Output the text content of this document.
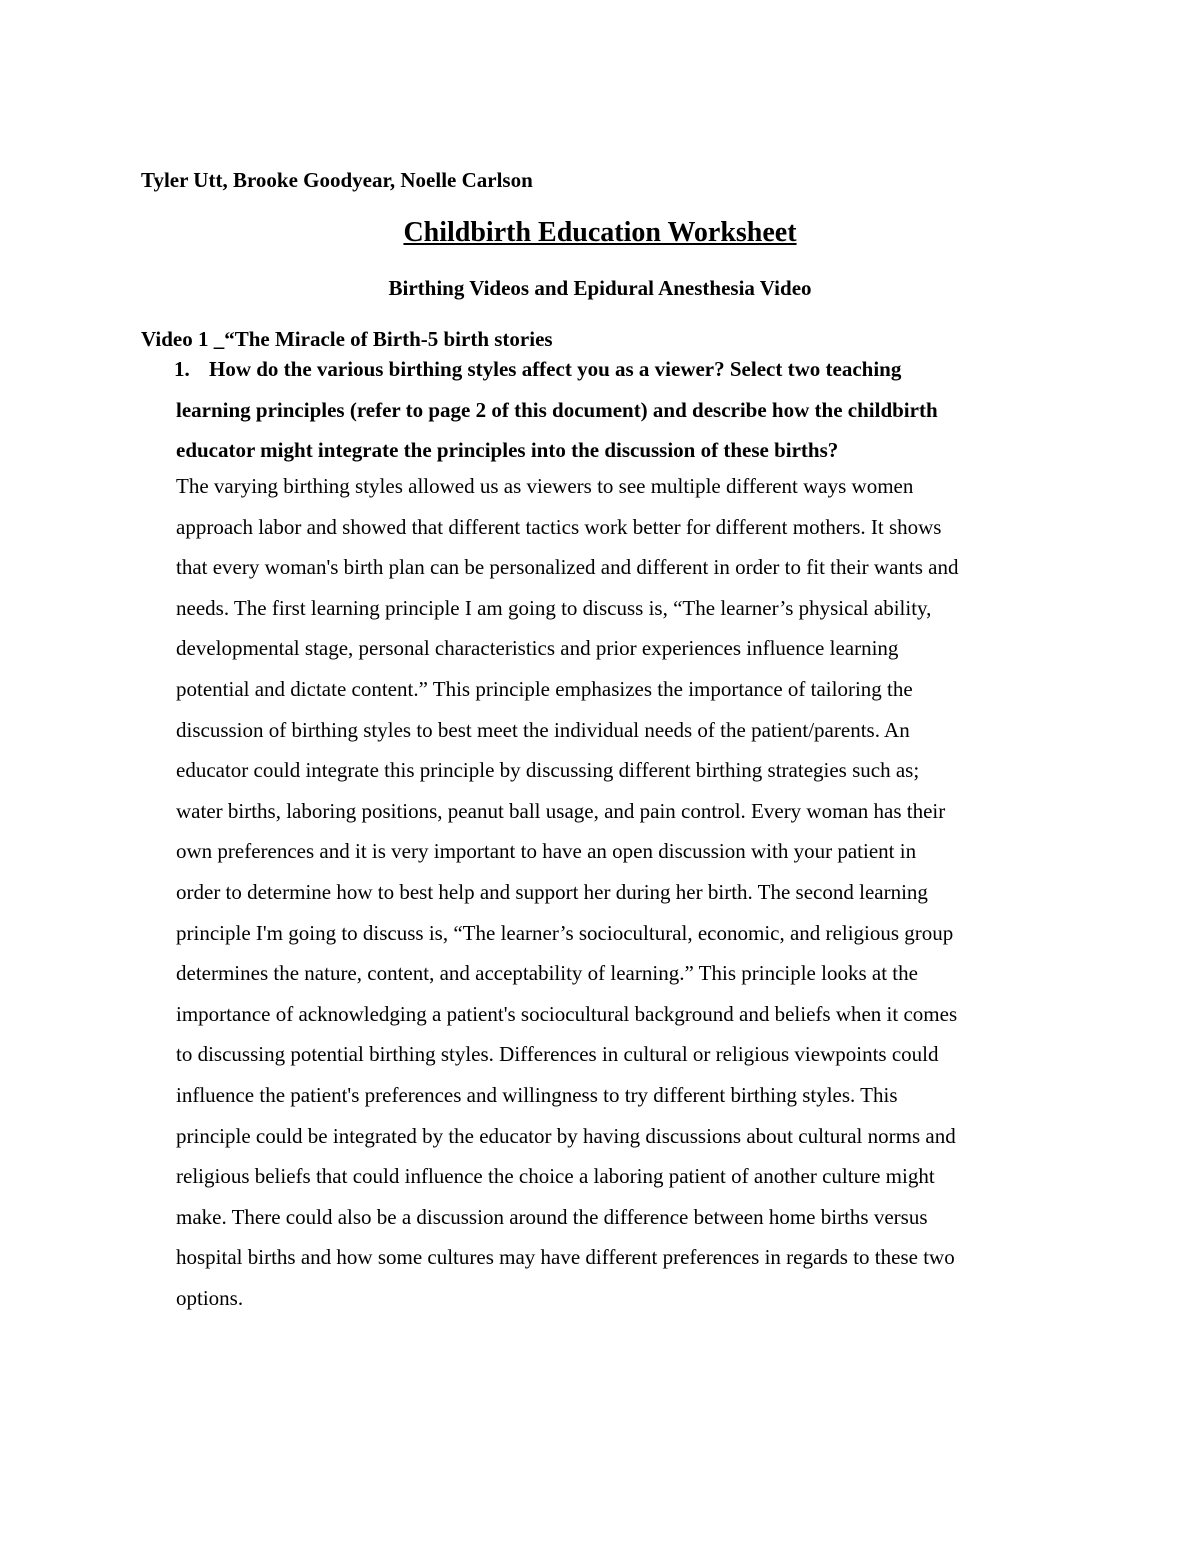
Tyler Utt, Brooke Goodyear, Noelle Carlson
Childbirth Education Worksheet
Birthing Videos and Epidural Anesthesia Video
Video 1 _“The Miracle of Birth-5 birth stories
1. How do the various birthing styles affect you as a viewer? Select two teaching
learning principles (refer to page 2 of this document) and describe how the childbirth
educator might integrate the principles into the discussion of these births?
The varying birthing styles allowed us as viewers to see multiple different ways women
approach labor and showed that different tactics work better for different mothers. It shows
that every woman's birth plan can be personalized and different in order to fit their wants and
needs. The first learning principle I am going to discuss is, “The learner’s physical ability,
developmental stage, personal characteristics and prior experiences influence learning
potential and dictate content.” This principle emphasizes the importance of tailoring the
discussion of birthing styles to best meet the individual needs of the patient/parents. An
educator could integrate this principle by discussing different birthing strategies such as;
water births, laboring positions, peanut ball usage, and pain control. Every woman has their
own preferences and it is very important to have an open discussion with your patient in
order to determine how to best help and support her during her birth. The second learning
principle I'm going to discuss is, “The learner’s sociocultural, economic, and religious group
determines the nature, content, and acceptability of learning.” This principle looks at the
importance of acknowledging a patient's sociocultural background and beliefs when it comes
to discussing potential birthing styles. Differences in cultural or religious viewpoints could
influence the patient's preferences and willingness to try different birthing styles. This
principle could be integrated by the educator by having discussions about cultural norms and
religious beliefs that could influence the choice a laboring patient of another culture might
make. There could also be a discussion around the difference between home births versus
hospital births and how some cultures may have different preferences in regards to these two
options.
